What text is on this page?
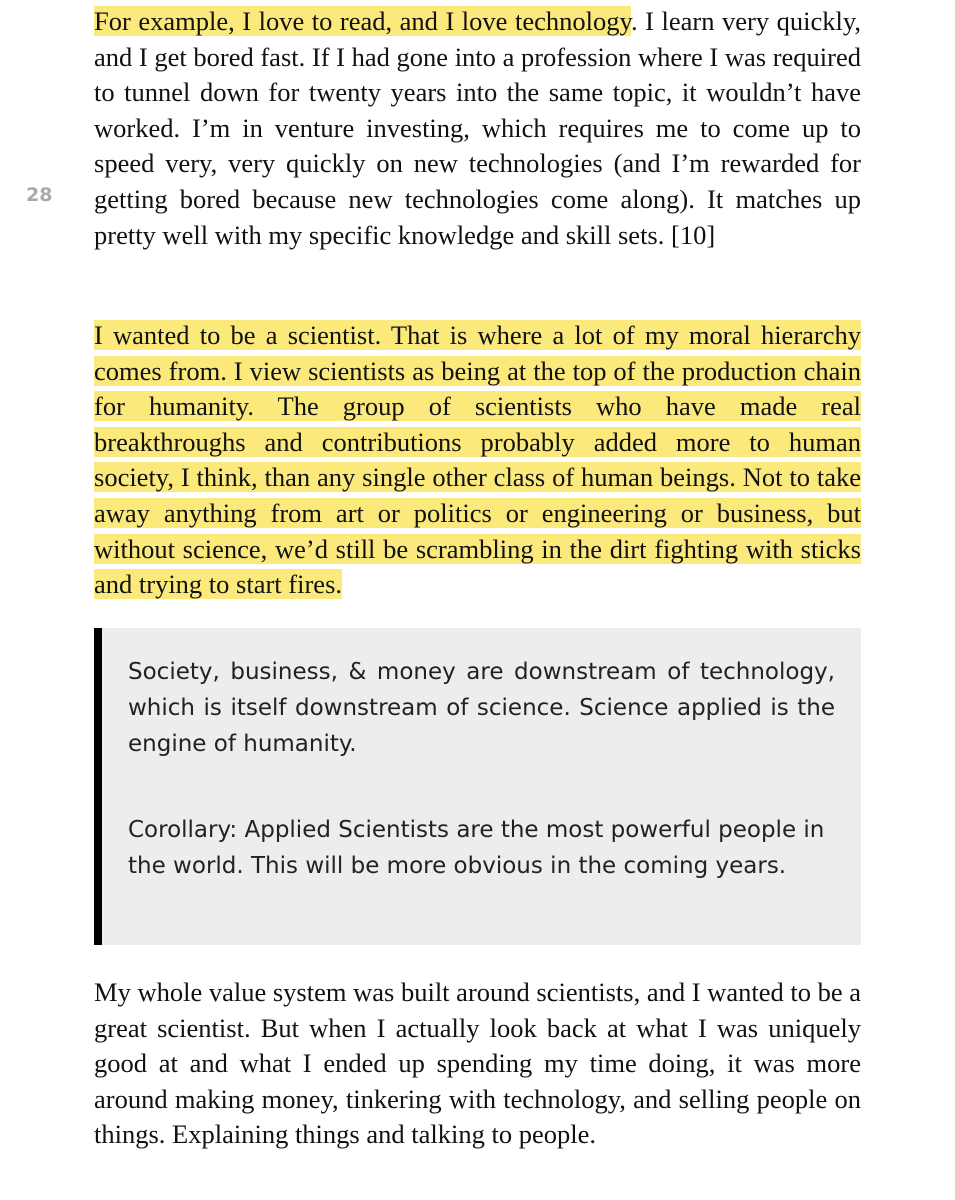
28

For example, I love to read, and I love technology. I learn very quickly, and I get bored fast. If I had gone into a profession where I was required to tunnel down for twenty years into the same topic, it wouldn’t have worked. I’m in venture investing, which requires me to come up to speed very, very quickly on new technologies (and I’m rewarded for getting bored because new technologies come along). It matches up pretty well with my specific knowledge and skill sets. [10]

I wanted to be a scientist. That is where a lot of my moral hierarchy comes from. I view scientists as being at the top of the production chain for humanity. The group of scientists who have made real breakthroughs and contributions probably added more to human society, I think, than any single other class of human beings. Not to take away anything from art or politics or engineering or business, but without science, we’d still be scrambling in the dirt fighting with sticks and trying to start fires.

Society, business, & money are downstream of technology, which is itself downstream of science. Science applied is the engine of humanity.

Corollary: Applied Scientists are the most powerful people in the world. This will be more obvious in the coming years.

My whole value system was built around scientists, and I wanted to be a great scientist. But when I actually look back at what I was uniquely good at and what I ended up spending my time doing, it was more around making money, tinkering with technology, and selling people on things. Explaining things and talking to people.
